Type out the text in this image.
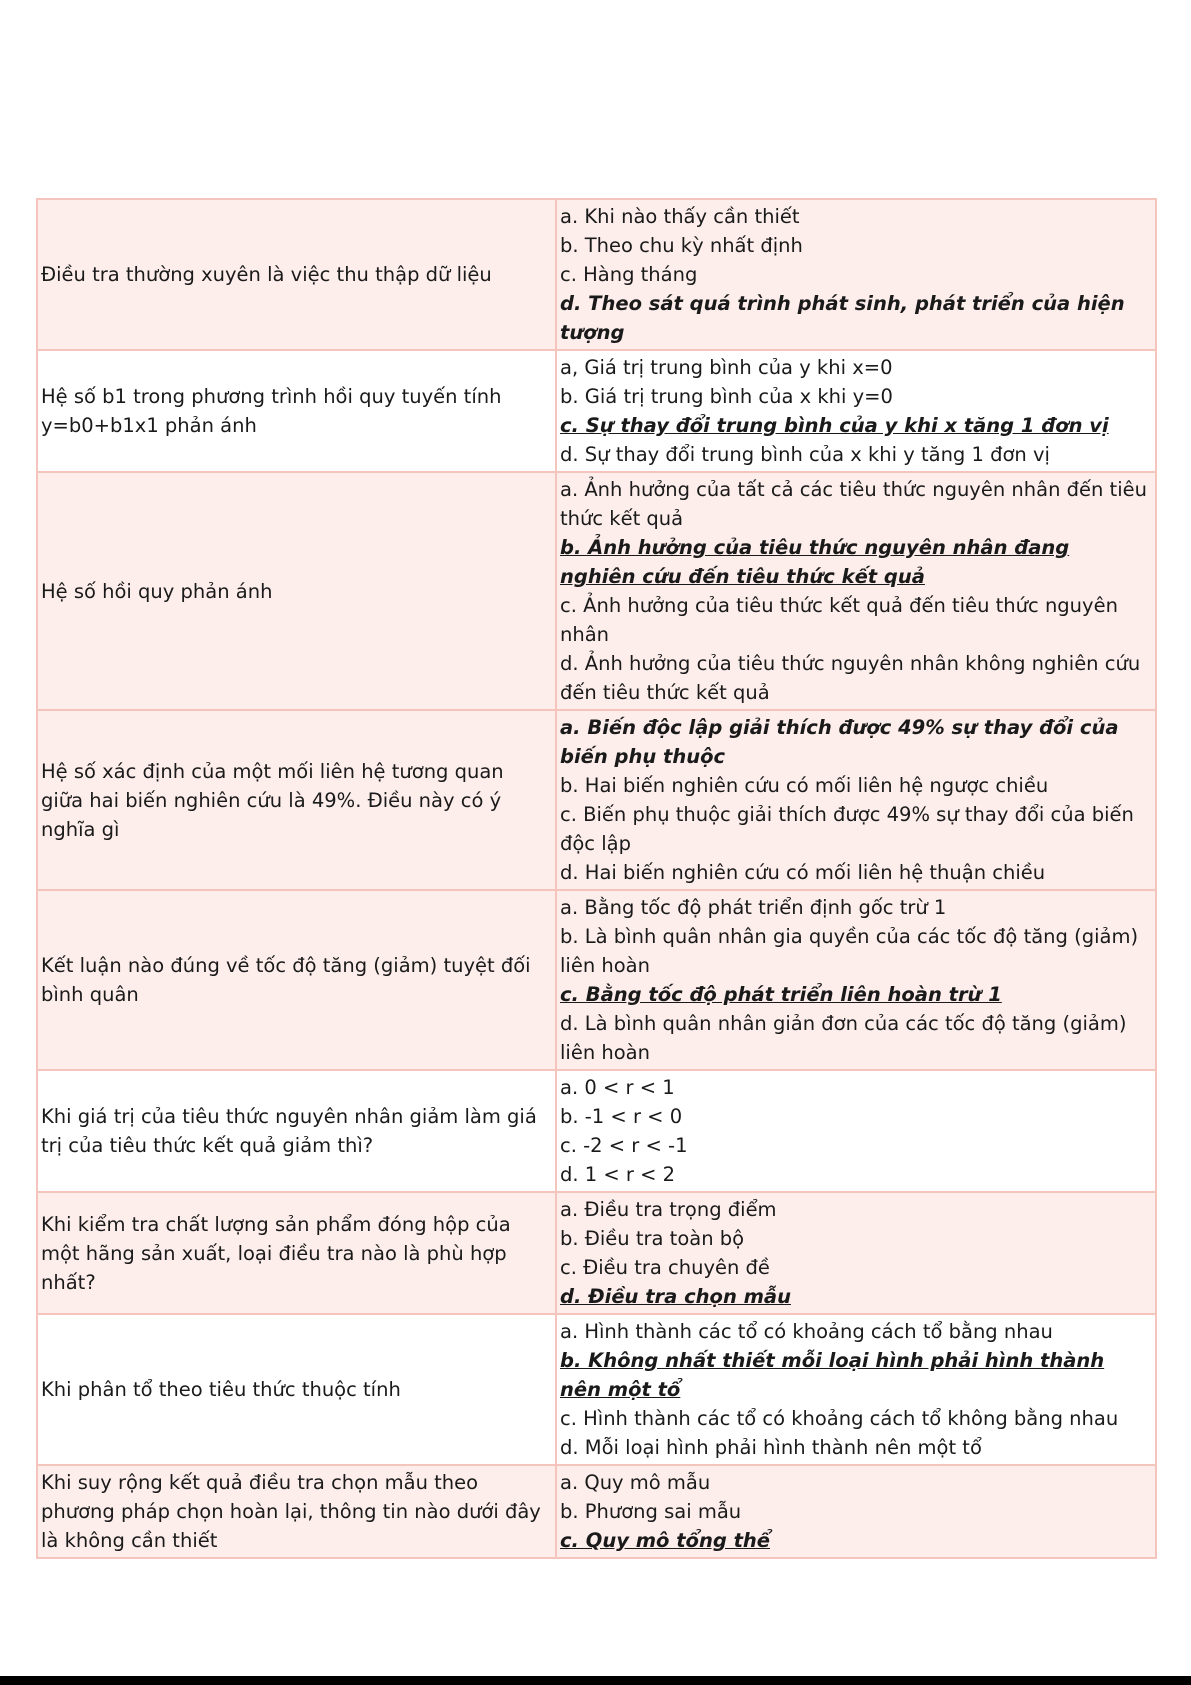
Điều tra thường xuyên là việc thu thập dữ liệu	a. Khi nào thấy cần thiết
b. Theo chu kỳ nhất định
c. Hàng tháng
d. Theo sát quá trình phát sinh, phát triển của hiện tượng

Hệ số b1 trong phương trình hồi quy tuyến tính y=b0+b1x1 phản ánh	a, Giá trị trung bình của y khi x=0
b. Giá trị trung bình của x khi y=0
c. Sự thay đổi trung bình của y khi x tăng 1 đơn vị
d. Sự thay đổi trung bình của x khi y tăng 1 đơn vị

Hệ số hồi quy phản ánh	a. Ảnh hưởng của tất cả các tiêu thức nguyên nhân đến tiêu thức kết quả
b. Ảnh hưởng của tiêu thức nguyên nhân đang nghiên cứu đến tiêu thức kết quả
c. Ảnh hưởng của tiêu thức kết quả đến tiêu thức nguyên nhân
d. Ảnh hưởng của tiêu thức nguyên nhân không nghiên cứu đến tiêu thức kết quả

Hệ số xác định của một mối liên hệ tương quan giữa hai biến nghiên cứu là 49%. Điều này có ý nghĩa gì	a. Biến độc lập giải thích được 49% sự thay đổi của biến phụ thuộc
b. Hai biến nghiên cứu có mối liên hệ ngược chiều
c. Biến phụ thuộc giải thích được 49% sự thay đổi của biến độc lập
d. Hai biến nghiên cứu có mối liên hệ thuận chiều

Kết luận nào đúng về tốc độ tăng (giảm) tuyệt đối bình quân	a. Bằng tốc độ phát triển định gốc trừ 1
b. Là bình quân nhân gia quyền của các tốc độ tăng (giảm) liên hoàn
c. Bằng tốc độ phát triển liên hoàn trừ 1
d. Là bình quân nhân giản đơn của các tốc độ tăng (giảm) liên hoàn

Khi giá trị của tiêu thức nguyên nhân giảm làm giá trị của tiêu thức kết quả giảm thì?	a. 0 < r < 1
b. -1 < r < 0
c. -2 < r < -1
d. 1 < r < 2

Khi kiểm tra chất lượng sản phẩm đóng hộp của một hãng sản xuất, loại điều tra nào là phù hợp nhất?	a. Điều tra trọng điểm
b. Điều tra toàn bộ
c. Điều tra chuyên đề
d. Điều tra chọn mẫu

Khi phân tổ theo tiêu thức thuộc tính	a. Hình thành các tổ có khoảng cách tổ bằng nhau
b. Không nhất thiết mỗi loại hình phải hình thành nên một tổ
c. Hình thành các tổ có khoảng cách tổ không bằng nhau
d. Mỗi loại hình phải hình thành nên một tổ

Khi suy rộng kết quả điều tra chọn mẫu theo phương pháp chọn hoàn lại, thông tin nào dưới đây là không cần thiết	a. Quy mô mẫu
b. Phương sai mẫu
c. Quy mô tổng thể
